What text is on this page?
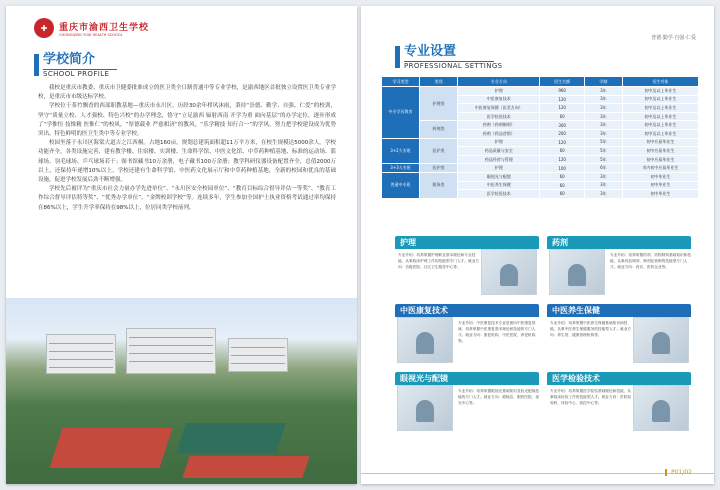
✚	重庆市渝西卫生学校
CHONGQING YUXI HEALTH SCHOOL
学校简介
SCHOOL PROFILE

我校是重庆市教委、重庆市卫健委批准成立的医卫类全日制普通中等专业学校，是渝西地区首批独立设置医卫类专业学校，是重庆市市级达标学校。

学校位于茶竹飘香的西部职教基地—重庆市永川区，历经30余年栉风沐雨，秉持“崇德、勤学、自强、仁爱”的校训，坚守“质量立校、人才强校、特色兴校”的办学理念，恪守“立足渝西 辐射西南 开学为重 面向基层”的办学定位，逐步形成了“学惟恒 技惟精 医惟仁”的校风，“厚德载业 严慈相济”的教风，“乐学精技 知行合一”的学风，努力把学校建设成为优势突出、特色鲜明的医卫生类中等专业学校。

校园坐落于永川区海棠大道吉之江西桐。占地160亩，规划总建筑面积超11万平方米，在校生规模达5000余人。学校功能齐全，各类设施完善，建有教学楼、住宿楼、实训楼、生命科学馆、中医文化馆、中草药种植基地、标准的运动场、篮球场、羽毛球场、乒乓球场若干；图书馆藏书10万余册，电子藏书100万余册；教学科研仪器设备配置齐全，总值2000万以上，还保持年递增10%以上。学校还建有生命科学馆、中医药文化展示厅和中草药种植基地，全新的校园和优良的基础设施，促进学校发展后劲不断增强。

学校先后被评为“重庆市社会力量办学先进单位”、“永川区安全校园单位”、“教育目标综合督导评估一等奖”、“教育工作综合督导评估特等奖”、“优秀办学单位”、“金牌校训学校”等。连续多年，学生参加全国护士执业资格考试通过率均保持在86%以上，学生升学率保持在98%以上，位居同类学校前列。

普德·勤学·自强·仁爱
专业设置
PROFESSIONAL SETTINGS
学习类型	类别	专业方向	招生名额	学制	招生对象
中专学历教育	护理类	护理	960	3年	初中及以上毕业生
		中医康复技术	120	3年	初中及以上毕业生
		中医康复保健（医美方向）	120	3年	初中及以上毕业生
		医学检验技术	60	3年	初中及以上毕业生
	药剂类	药剂（药剂制剂）	300	3年	初中及以上毕业生
		药剂（药品营销）	200	3年	初中及以上毕业生
3+2大专班	医护类	护理	120	5年	初中应届毕业生
		药品质量与安全	60	5年	初中应届毕业生
		药品经营与管理	120	5年	初中应届毕业生
3+3大专班	医护类	护理	100	6年	市内初中应届毕业生
普通中专班	服务类	眼视光与配镜	60	3年	初中毕业生
		中医养生保健	60	3年	初中毕业生
		医学检验技术	60	3年	初中毕业生
护理
专业介绍：培养掌握护理职业基本理论和专业技能，从事临床护理工作的技能型专门人才。就业方向：各级医院、社区卫生服务中心等。
药剂
专业介绍：培养掌握药剂、药物制剂基础知识和技能，从事药品调剂、制剂及营销的技能型专门人才。就业方向：药店、医药企业等。
中医康复技术
专业介绍：中医康复技术专业是面向中医康复领域，培养掌握中医康复基本理论和技能的专门人才。就业方向：康复机构、中医医院、养老机构等。
中医养生保健
专业介绍：培养掌握中医养生保健基础知识和技能，从事中医养生保健服务的技能型人才。就业方向：养生馆、健康管理机构等。
眼视光与配镜
专业介绍：培养掌握眼视光基础知识及验光配镜技能的专门人才。就业方向：眼镜店、眼科医院、视光中心等。
医学检验技术
专业介绍：培养掌握医学检验基础理论和技能，从事临床检验工作的技能型人才。就业方向：医院检验科、体检中心、疾控中心等。
P01/02
